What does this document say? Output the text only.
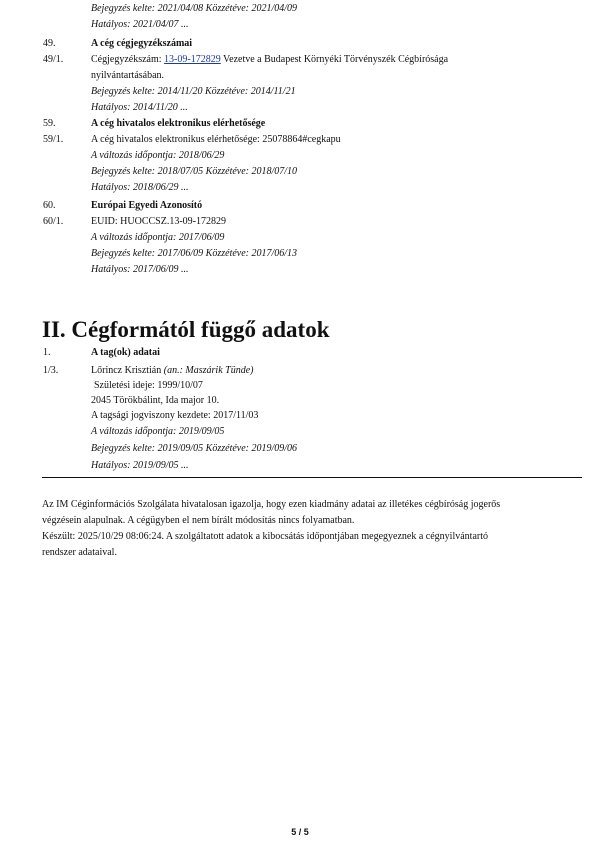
Bejegyzés kelte: 2021/04/08 Közzétéve: 2021/04/09
Hatályos: 2021/04/07 ...
49.	A cég cégjegyzékszámai
49/1.	Cégjegyzékszám: 13-09-172829 Vezetve a Budapest Környéki Törvényszék Cégbírósága
nyilvántartásában.
Bejegyzés kelte: 2014/11/20 Közzétéve: 2014/11/21
Hatályos: 2014/11/20 ...
59.	A cég hivatalos elektronikus elérhetősége
59/1.	A cég hivatalos elektronikus elérhetősége: 25078864#cegkapu
A változás időpontja: 2018/06/29
Bejegyzés kelte: 2018/07/05 Közzétéve: 2018/07/10
Hatályos: 2018/06/29 ...
60.	Európai Egyedi Azonosító
60/1.	EUID: HUOCCSZ.13-09-172829
A változás időpontja: 2017/06/09
Bejegyzés kelte: 2017/06/09 Közzétéve: 2017/06/13
Hatályos: 2017/06/09 ...
II. Cégformától függő adatok
1.	A tag(ok) adatai
1/3.	Lőrincz Krisztián (an.: Maszárik Tünde)
Születési ideje: 1999/10/07
2045 Törökbálint, Ida major 10.
A tagsági jogviszony kezdete: 2017/11/03
A változás időpontja: 2019/09/05
Bejegyzés kelte: 2019/09/05 Közzétéve: 2019/09/06
Hatályos: 2019/09/05 ...
Az IM Céginformációs Szolgálata hivatalosan igazolja, hogy ezen kiadmány adatai az illetékes cégbíróság jogerős
végzésein alapulnak. A cégügyben el nem bírált módosítás nincs folyamatban.
Készült: 2025/10/29 08:06:24. A szolgáltatott adatok a kibocsátás időpontjában megegyeznek a cégnyilvántartó
rendszer adataival.
5 / 5
